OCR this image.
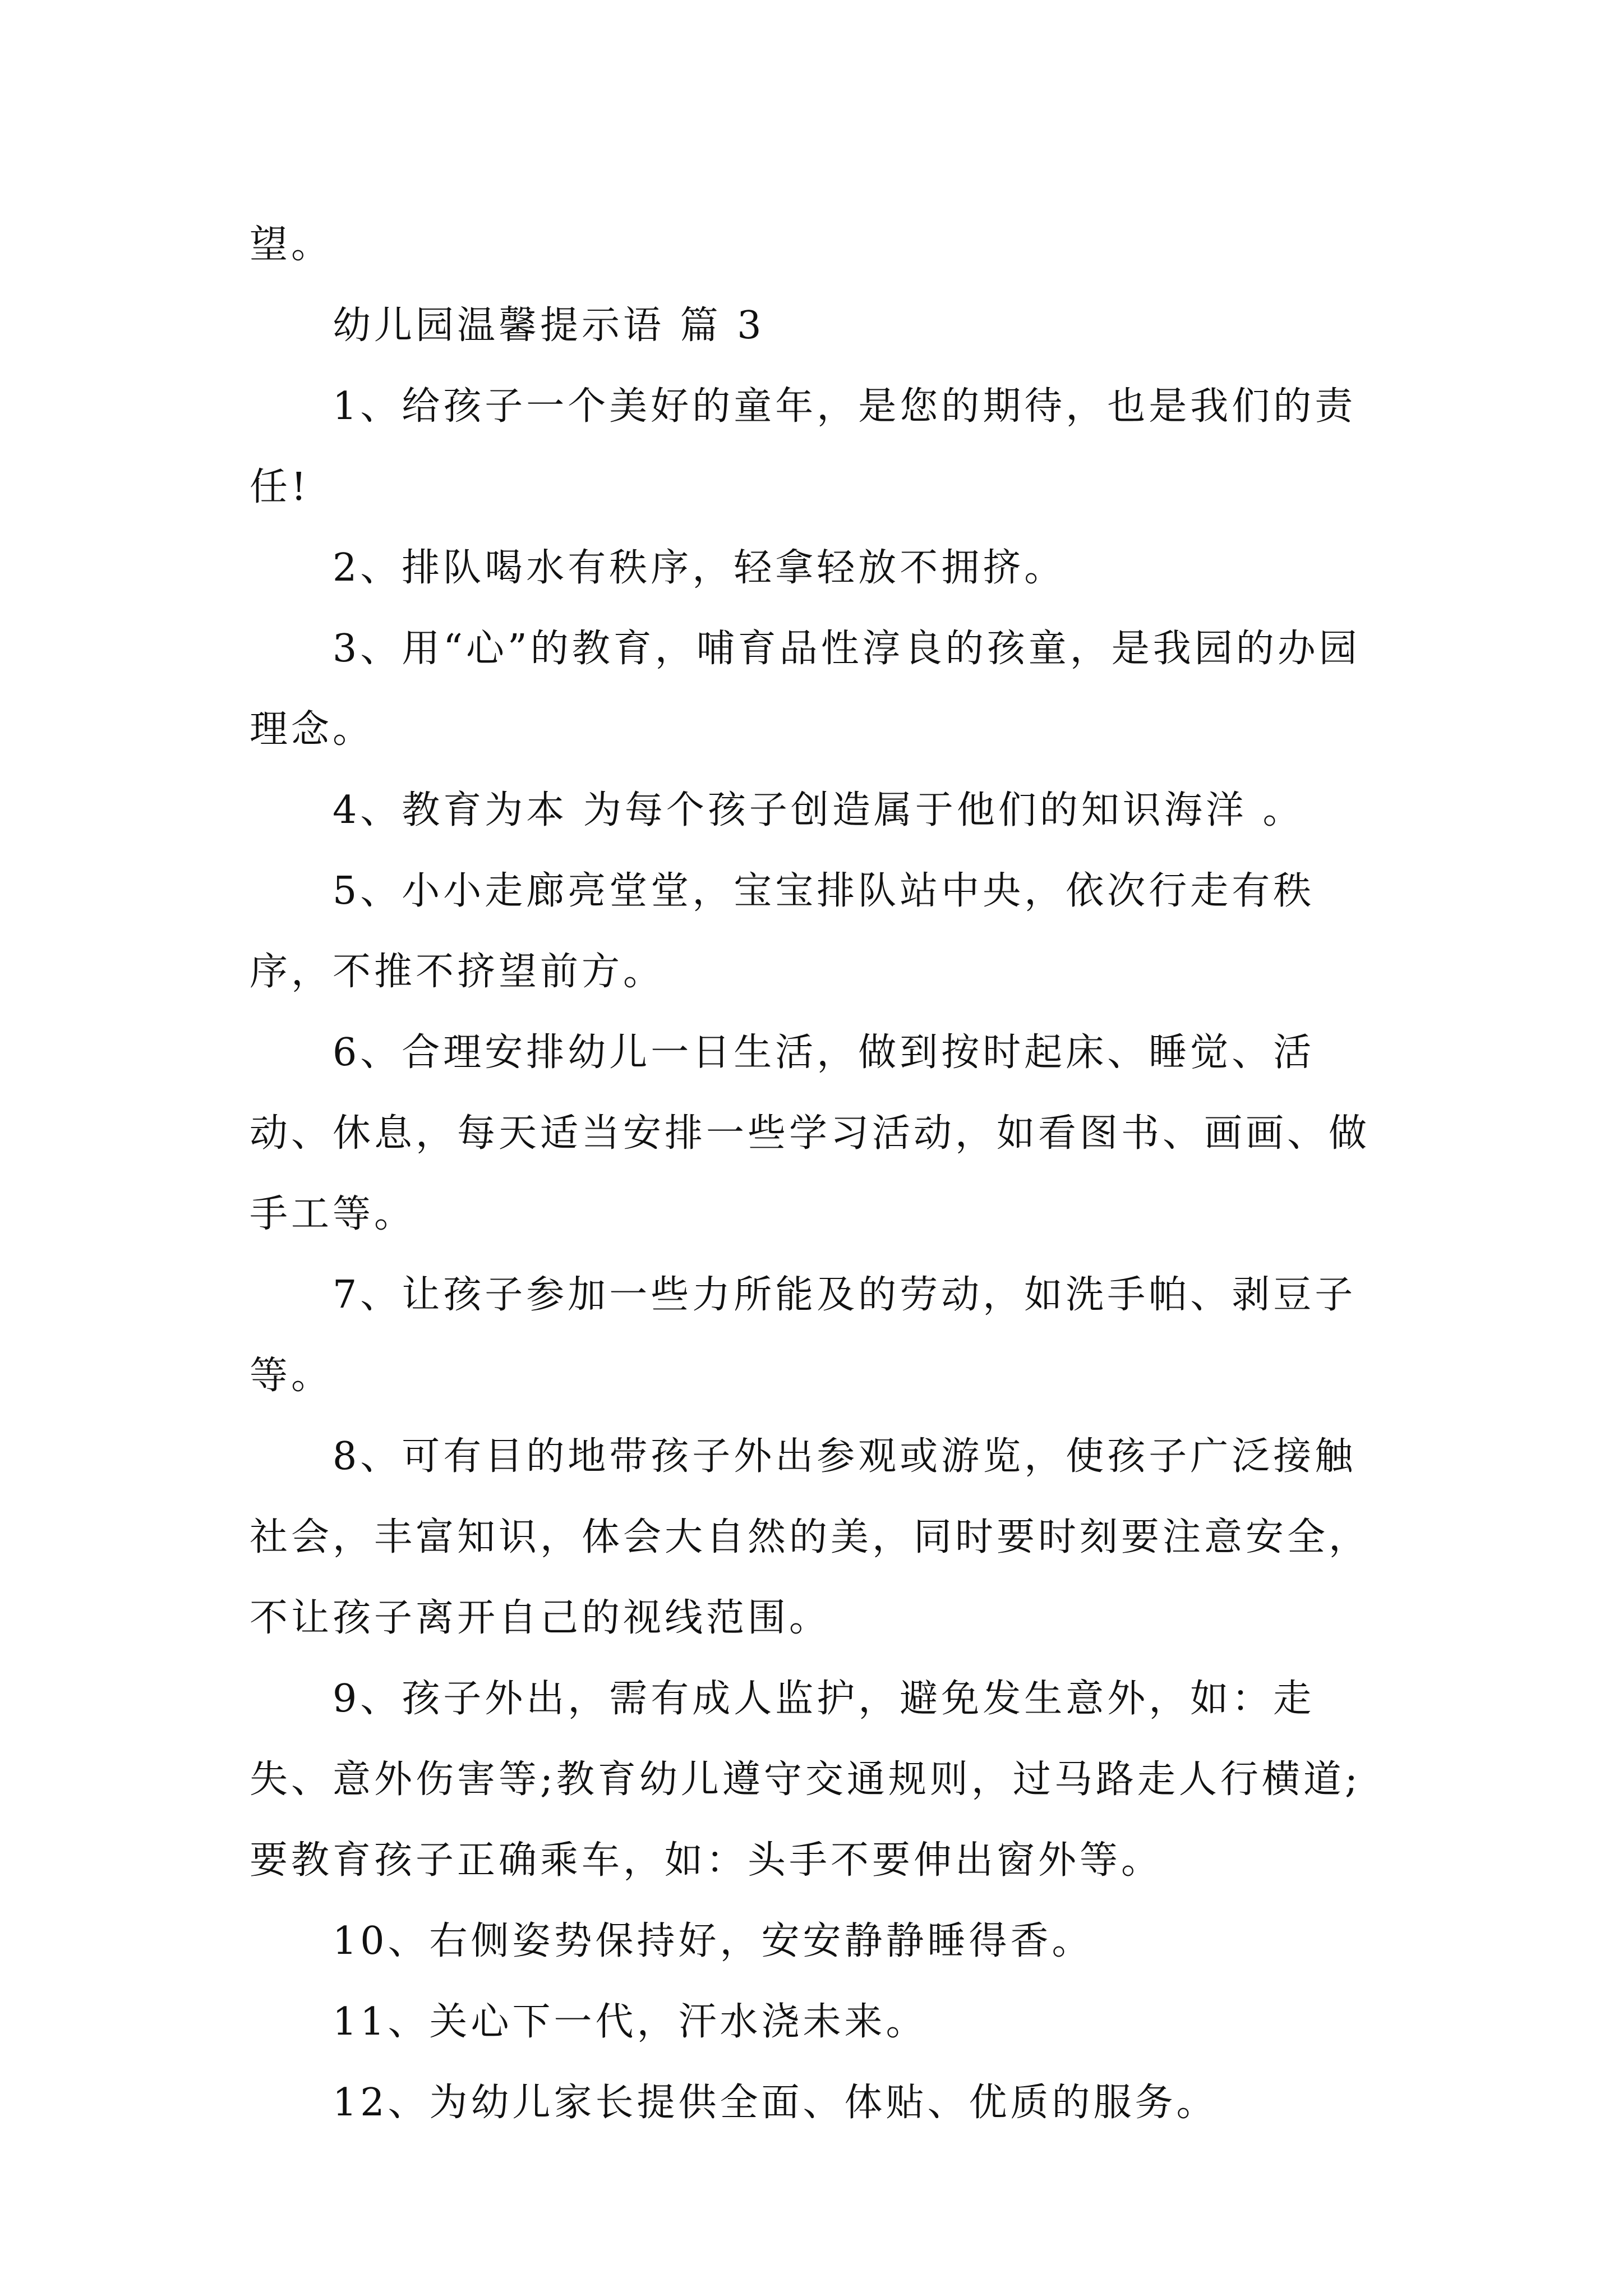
望。

幼儿园温馨提示语 篇 3

1、给孩子一个美好的童年，是您的期待，也是我们的责任!

2、排队喝水有秩序，轻拿轻放不拥挤。

3、用“心”的教育，哺育品性淳良的孩童，是我园的办园理念。

4、教育为本 为每个孩子创造属于他们的知识海洋 。

5、小小走廊亮堂堂，宝宝排队站中央，依次行走有秩序，不推不挤望前方。

6、合理安排幼儿一日生活，做到按时起床、睡觉、活动、休息，每天适当安排一些学习活动，如看图书、画画、做手工等。

7、让孩子参加一些力所能及的劳动，如洗手帕、剥豆子等。

8、可有目的地带孩子外出参观或游览，使孩子广泛接触社会，丰富知识，体会大自然的美，同时要时刻要注意安全，不让孩子离开自己的视线范围。

9、孩子外出，需有成人监护，避免发生意外，如：走失、意外伤害等;教育幼儿遵守交通规则，过马路走人行横道;要教育孩子正确乘车，如：头手不要伸出窗外等。

10、右侧姿势保持好，安安静静睡得香。

11、关心下一代，汗水浇未来。

12、为幼儿家长提供全面、体贴、优质的服务。
